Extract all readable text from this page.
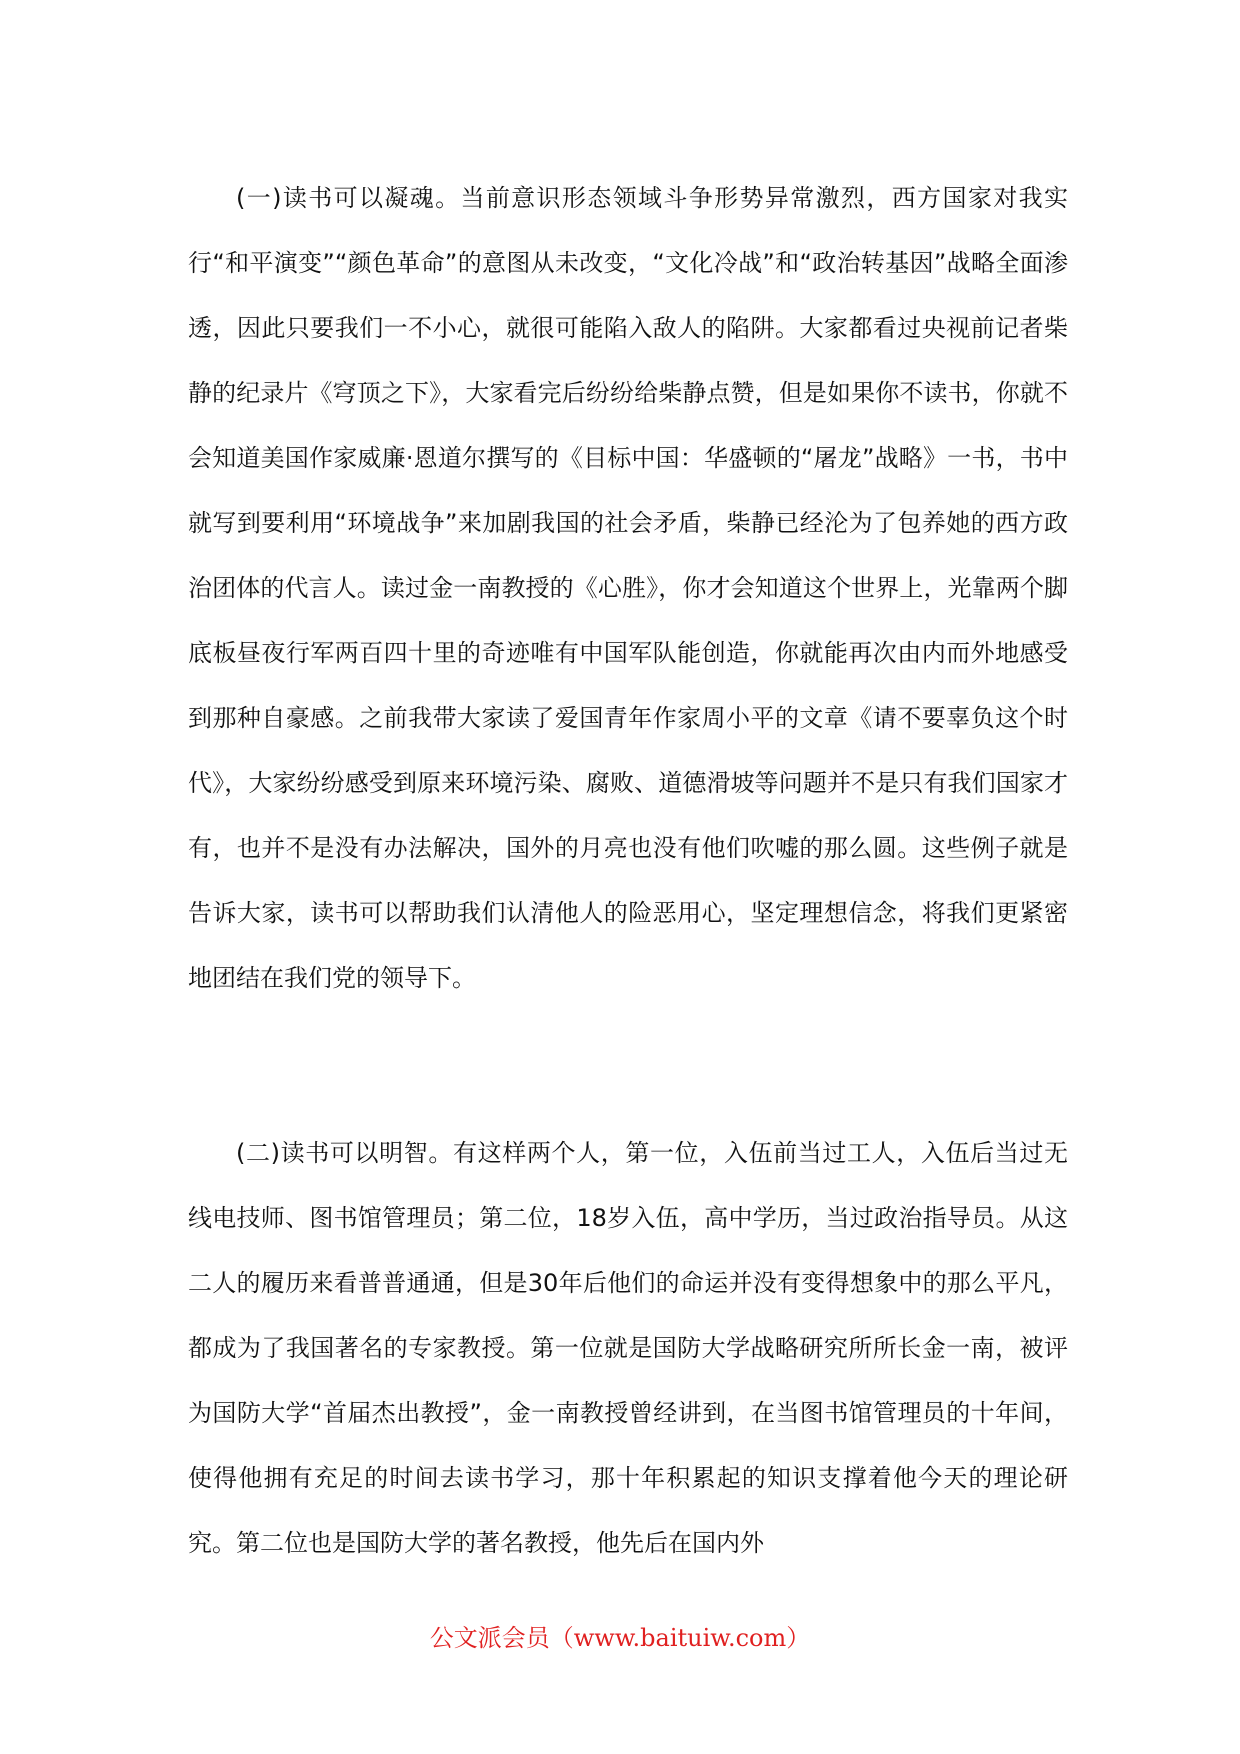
(一)读书可以凝魂。当前意识形态领域斗争形势异常激烈，西方国家对我实行“和平演变”“颜色革命”的意图从未改变，“文化冷战”和“政治转基因”战略全面渗透，因此只要我们一不小心，就很可能陷入敌人的陷阱。大家都看过央视前记者柴静的纪录片《穹顶之下》，大家看完后纷纷给柴静点赞，但是如果你不读书，你就不会知道美国作家威廉·恩道尔撰写的《目标中国：华盛顿的“屠龙”战略》一书，书中就写到要利用“环境战争”来加剧我国的社会矛盾，柴静已经沦为了包养她的西方政治团体的代言人。读过金一南教授的《心胜》，你才会知道这个世界上，光靠两个脚底板昼夜行军两百四十里的奇迹唯有中国军队能创造，你就能再次由内而外地感受到那种自豪感。之前我带大家读了爱国青年作家周小平的文章《请不要辜负这个时代》，大家纷纷感受到原来环境污染、腐败、道德滑坡等问题并不是只有我们国家才有，也并不是没有办法解决，国外的月亮也没有他们吹嘘的那么圆。这些例子就是告诉大家，读书可以帮助我们认清他人的险恶用心，坚定理想信念，将我们更紧密地团结在我们党的领导下。

(二)读书可以明智。有这样两个人，第一位，入伍前当过工人，入伍后当过无线电技师、图书馆管理员；第二位，18岁入伍，高中学历，当过政治指导员。从这二人的履历来看普普通通，但是30年后他们的命运并没有变得想象中的那么平凡，都成为了我国著名的专家教授。第一位就是国防大学战略研究所所长金一南，被评为国防大学“首届杰出教授”，金一南教授曾经讲到，在当图书馆管理员的十年间，使得他拥有充足的时间去读书学习，那十年积累起的知识支撑着他今天的理论研究。第二位也是国防大学的著名教授，他先后在国内外

公文派会员（www.baituiw.com）
